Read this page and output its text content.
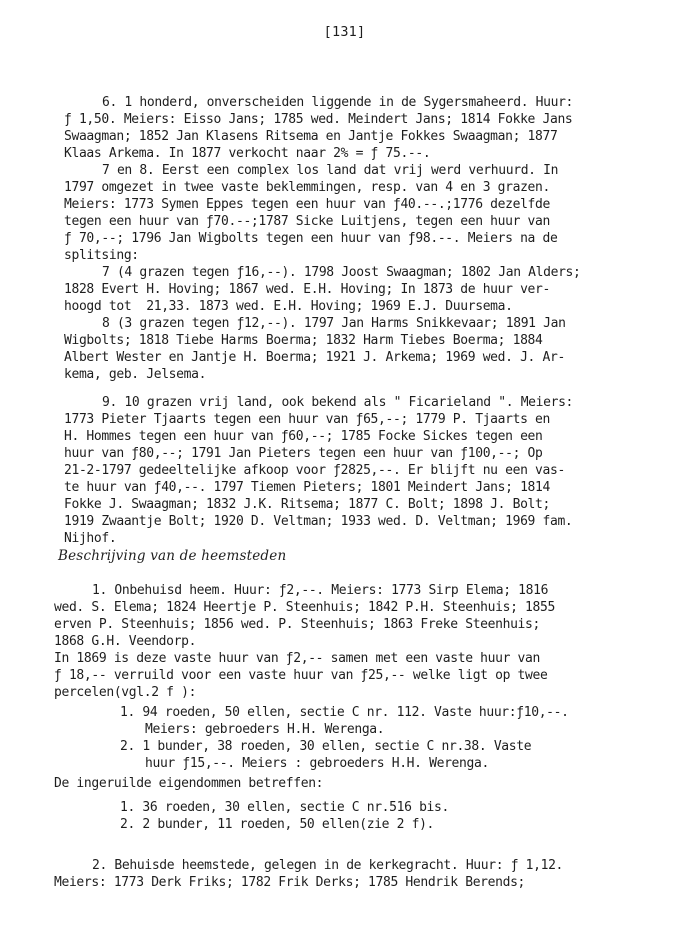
[131]
6. 1 honderd, onverscheiden liggende in de Sygersmaheerd. Huur:
ƒ 1,50. Meiers: Eisso Jans; 1785 wed. Meindert Jans; 1814 Fokke Jans
Swaagman; 1852 Jan Klasens Ritsema en Jantje Fokkes Swaagman; 1877
Klaas Arkema. In 1877 verkocht naar 2% = ƒ 75.--.
7 en 8. Eerst een complex los land dat vrij werd verhuurd. In
1797 omgezet in twee vaste beklemmingen, resp. van 4 en 3 grazen.
Meiers: 1773 Symen Eppes tegen een huur van ƒ40.--.;1776 dezelfde
tegen een huur van ƒ70.--;1787 Sicke Luitjens, tegen een huur van
ƒ 70,--; 1796 Jan Wigbolts tegen een huur van ƒ98.--. Meiers na de
splitsing:
7 (4 grazen tegen ƒ16,--). 1798 Joost Swaagman; 1802 Jan Alders;
1828 Evert H. Hoving; 1867 wed. E.H. Hoving; In 1873 de huur ver-
hoogd tot  21,33. 1873 wed. E.H. Hoving; 1969 E.J. Duursema.
8 (3 grazen tegen ƒ12,--). 1797 Jan Harms Snikkevaar; 1891 Jan
Wigbolts; 1818 Tiebe Harms Boerma; 1832 Harm Tiebes Boerma; 1884
Albert Wester en Jantje H. Boerma; 1921 J. Arkema; 1969 wed. J. Ar-
kema, geb. Jelsema.
9. 10 grazen vrij land, ook bekend als " Ficarieland ". Meiers:
1773 Pieter Tjaarts tegen een huur van ƒ65,--; 1779 P. Tjaarts en
H. Hommes tegen een huur van ƒ60,--; 1785 Focke Sickes tegen een
huur van ƒ80,--; 1791 Jan Pieters tegen een huur van ƒ100,--; Op
21-2-1797 gedeeltelijke afkoop voor ƒ2825,--. Er blijft nu een vas-
te huur van ƒ40,--. 1797 Tiemen Pieters; 1801 Meindert Jans; 1814
Fokke J. Swaagman; 1832 J.K. Ritsema; 1877 C. Bolt; 1898 J. Bolt;
1919 Zwaantje Bolt; 1920 D. Veltman; 1933 wed. D. Veltman; 1969 fam.
Nijhof.
Beschrijving van de heemsteden
1. Onbehuisd heem. Huur: ƒ2,--. Meiers: 1773 Sirp Elema; 1816
wed. S. Elema; 1824 Heertje P. Steenhuis; 1842 P.H. Steenhuis; 1855
erven P. Steenhuis; 1856 wed. P. Steenhuis; 1863 Freke Steenhuis;
1868 G.H. Veendorp.
In 1869 is deze vaste huur van ƒ2,-- samen met een vaste huur van
ƒ 18,-- verruild voor een vaste huur van ƒ25,-- welke ligt op twee
percelen(vgl.2 f ):
1. 94 roeden, 50 ellen, sectie C nr. 112. Vaste huur:ƒ10,--.
Meiers: gebroeders H.H. Werenga.
2. 1 bunder, 38 roeden, 30 ellen, sectie C nr.38. Vaste
huur ƒ15,--. Meiers : gebroeders H.H. Werenga.
De ingeruilde eigendommen betreffen:
1. 36 roeden, 30 ellen, sectie C nr.516 bis.
2. 2 bunder, 11 roeden, 50 ellen(zie 2 f).
2. Behuisde heemstede, gelegen in de kerkegracht. Huur: ƒ 1,12.
Meiers: 1773 Derk Friks; 1782 Frik Derks; 1785 Hendrik Berends;
